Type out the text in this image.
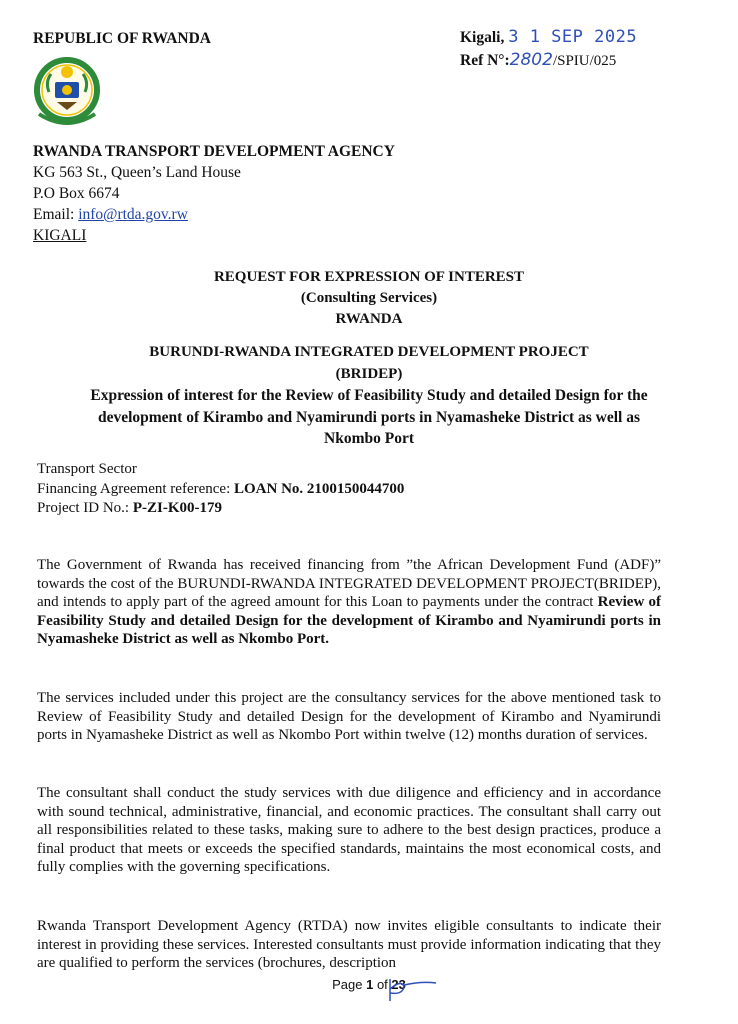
REPUBLIC OF RWANDA	Kigali, 3 1 SEP 2025
Ref N°:2802/SPIU/025
RWANDA TRANSPORT DEVELOPMENT AGENCY
KG 563 St., Queen’s Land House
P.O Box 6674
Email: info@rtda.gov.rw
KIGALI
REQUEST FOR EXPRESSION OF INTEREST
(Consulting Services)
RWANDA
BURUNDI-RWANDA INTEGRATED DEVELOPMENT PROJECT
(BRIDEP)
Expression of interest for the Review of Feasibility Study and detailed Design for the
development of Kirambo and Nyamirundi ports in Nyamasheke District as well as
Nkombo Port
Transport Sector
Financing Agreement reference: LOAN No. 2100150044700
Project ID No.: P-ZI-K00-179
The Government of Rwanda has received financing from ”the African Development Fund (ADF)” towards the cost of the BURUNDI-RWANDA INTEGRATED DEVELOPMENT PROJECT(BRIDEP), and intends to apply part of the agreed amount for this Loan to payments under the contract Review of Feasibility Study and detailed Design for the development of Kirambo and Nyamirundi ports in Nyamasheke District as well as Nkombo Port.
The services included under this project are the consultancy services for the above mentioned task to Review of Feasibility Study and detailed Design for the development of Kirambo and Nyamirundi ports in Nyamasheke District as well as Nkombo Port within twelve (12) months duration of services.
The consultant shall conduct the study services with due diligence and efficiency and in accordance with sound technical, administrative, financial, and economic practices. The consultant shall carry out all responsibilities related to these tasks, making sure to adhere to the best design practices, produce a final product that meets or exceeds the specified standards, maintains the most economical costs, and fully complies with the governing specifications.
Rwanda Transport Development Agency (RTDA) now invites eligible consultants to indicate their interest in providing these services. Interested consultants must provide information indicating that they are qualified to perform the services (brochures, description
Page 1 of 23
